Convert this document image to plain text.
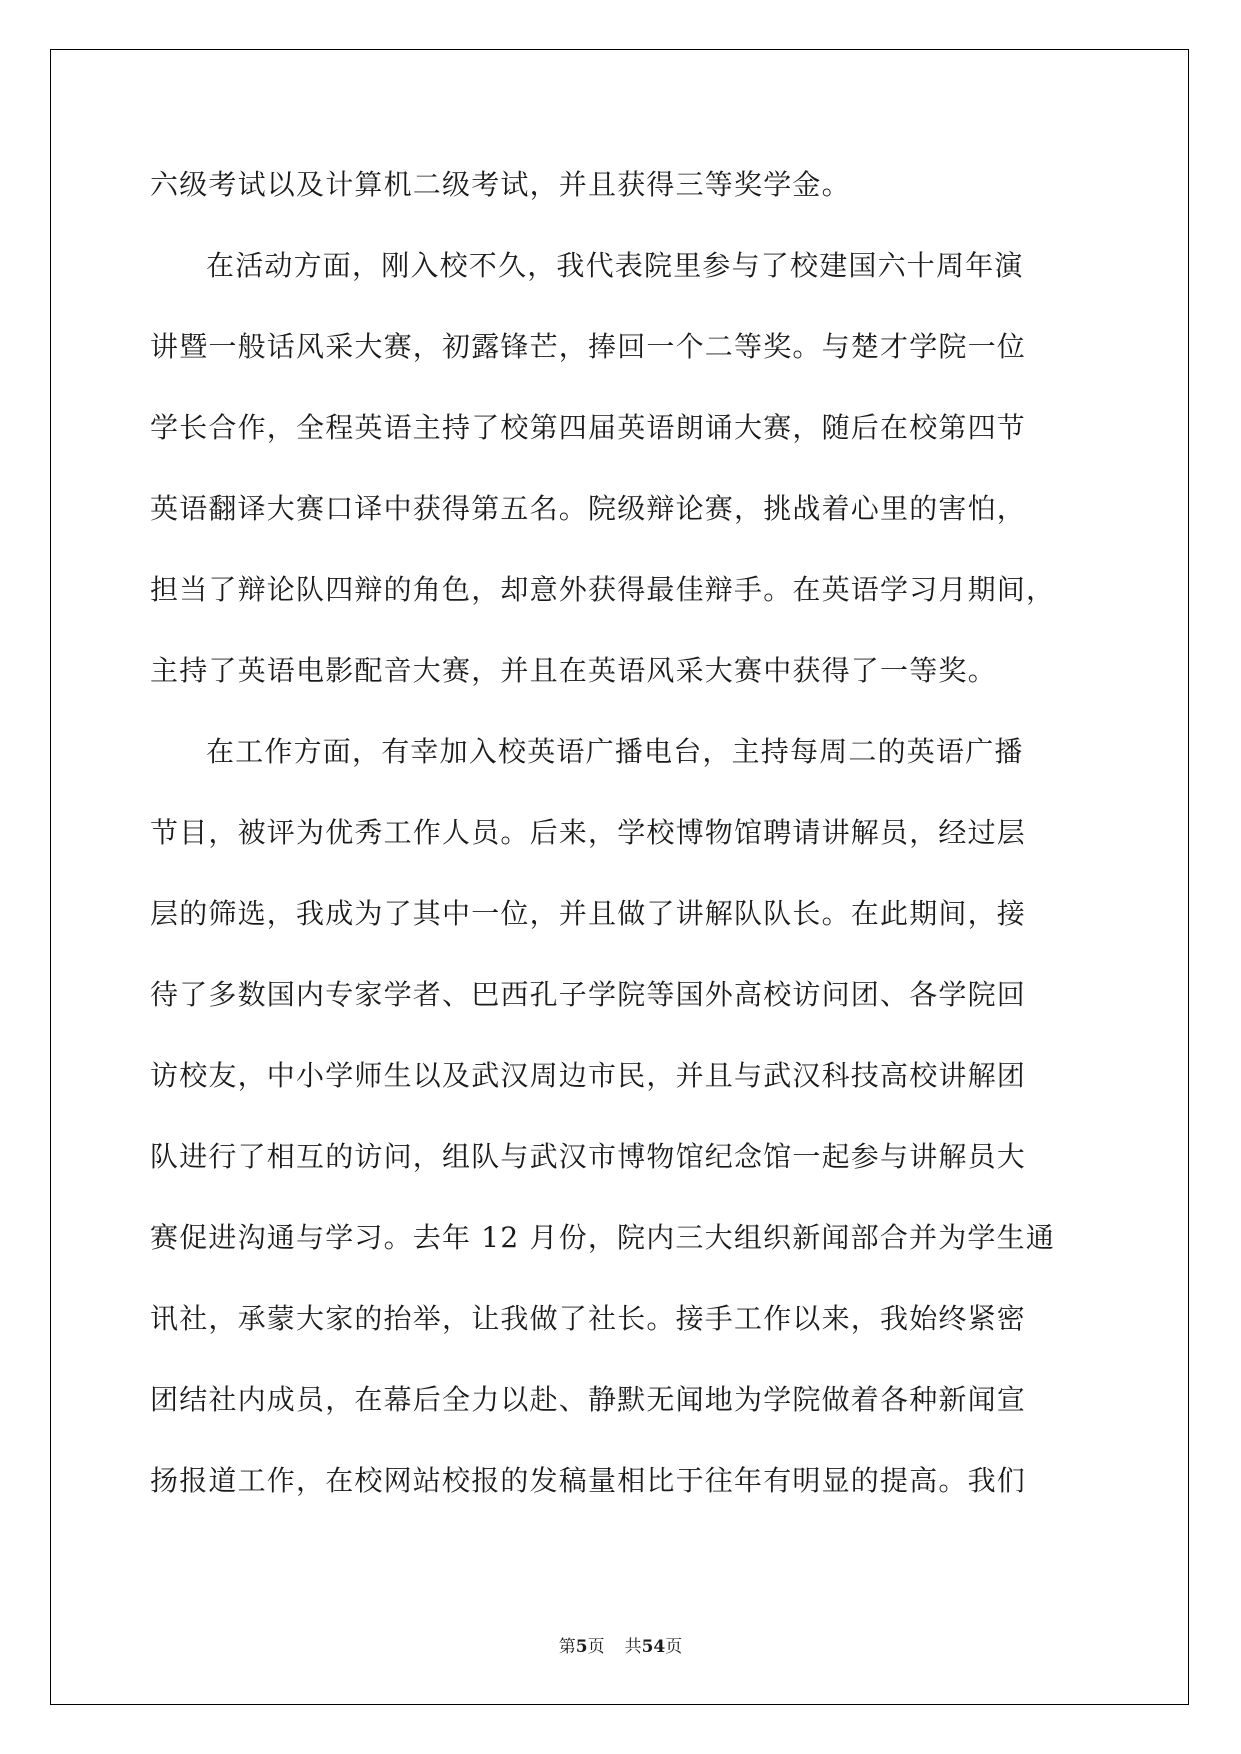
六级考试以及计算机二级考试，并且获得三等奖学金。
在活动方面，刚入校不久，我代表院里参与了校建国六十周年演
讲暨一般话风采大赛，初露锋芒，捧回一个二等奖。与楚才学院一位
学长合作，全程英语主持了校第四届英语朗诵大赛，随后在校第四节
英语翻译大赛口译中获得第五名。院级辩论赛，挑战着心里的害怕，
担当了辩论队四辩的角色，却意外获得最佳辩手。在英语学习月期间，
主持了英语电影配音大赛，并且在英语风采大赛中获得了一等奖。
在工作方面，有幸加入校英语广播电台，主持每周二的英语广播
节目，被评为优秀工作人员。后来，学校博物馆聘请讲解员，经过层
层的筛选，我成为了其中一位，并且做了讲解队队长。在此期间，接
待了多数国内专家学者、巴西孔子学院等国外高校访问团、各学院回
访校友，中小学师生以及武汉周边市民，并且与武汉科技高校讲解团
队进行了相互的访问，组队与武汉市博物馆纪念馆一起参与讲解员大
赛促进沟通与学习。去年 12 月份，院内三大组织新闻部合并为学生通
讯社，承蒙大家的抬举，让我做了社长。接手工作以来，我始终紧密
团结社内成员，在幕后全力以赴、静默无闻地为学院做着各种新闻宣
扬报道工作，在校网站校报的发稿量相比于往年有明显的提高。我们
第5页 共54页
